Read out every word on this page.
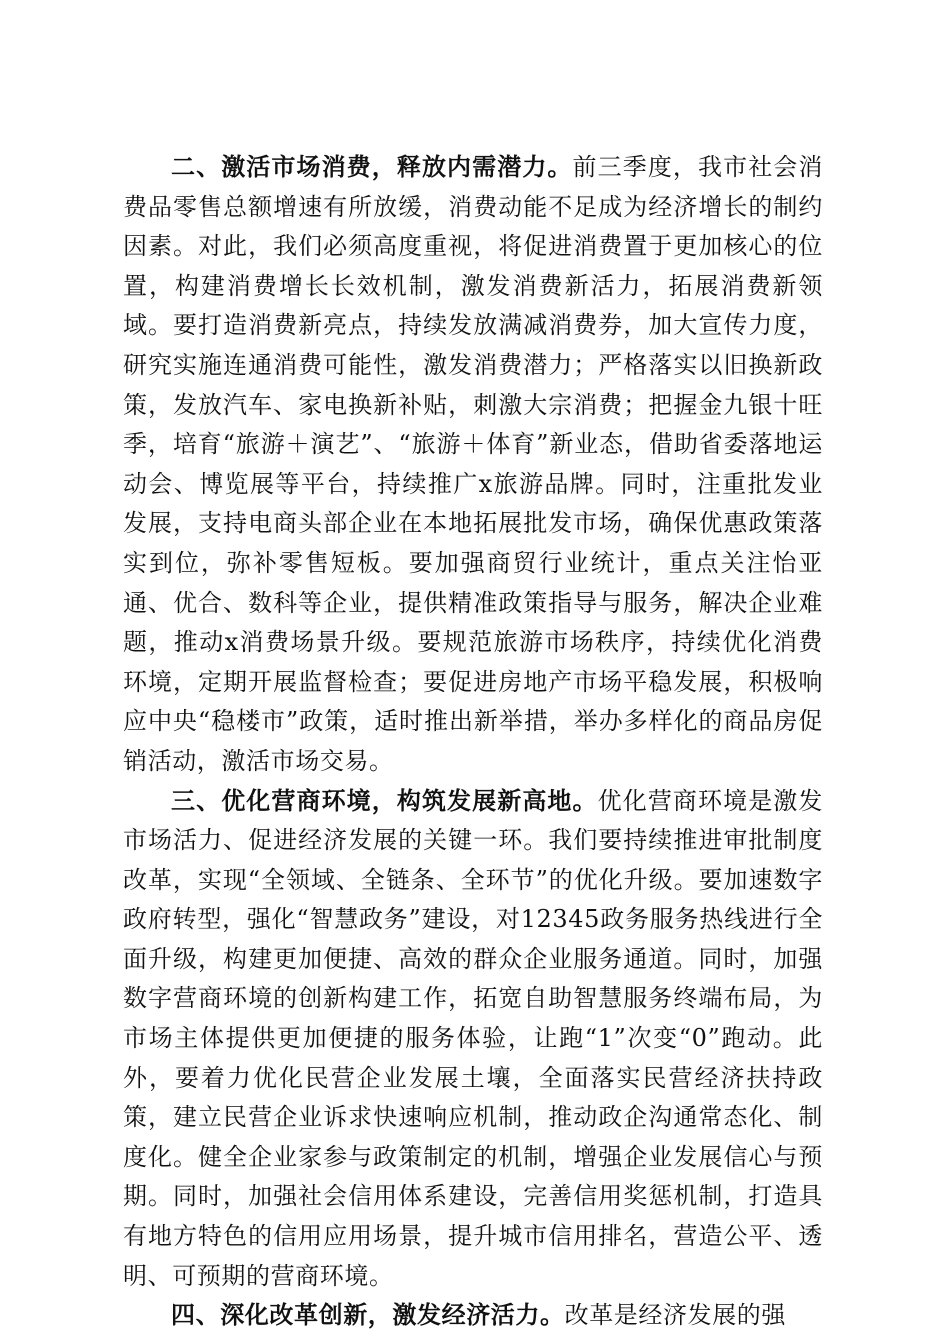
二、激活市场消费，释放内需潜力。前三季度，我市社会消费品零售总额增速有所放缓，消费动能不足成为经济增长的制约因素。对此，我们必须高度重视，将促进消费置于更加核心的位置，构建消费增长长效机制，激发消费新活力，拓展消费新领域。要打造消费新亮点，持续发放满减消费券，加大宣传力度，研究实施连通消费可能性，激发消费潜力；严格落实以旧换新政策，发放汽车、家电换新补贴，刺激大宗消费；把握金九银十旺季，培育“旅游＋演艺”、“旅游＋体育”新业态，借助省委落地运动会、博览展等平台，持续推广x旅游品牌。同时，注重批发业发展，支持电商头部企业在本地拓展批发市场，确保优惠政策落实到位，弥补零售短板。要加强商贸行业统计，重点关注怡亚通、优合、数科等企业，提供精准政策指导与服务，解决企业难题，推动x消费场景升级。要规范旅游市场秩序，持续优化消费环境，定期开展监督检查；要促进房地产市场平稳发展，积极响应中央“稳楼市”政策，适时推出新举措，举办多样化的商品房促销活动，激活市场交易。

三、优化营商环境，构筑发展新高地。优化营商环境是激发市场活力、促进经济发展的关键一环。我们要持续推进审批制度改革，实现“全领域、全链条、全环节”的优化升级。要加速数字政府转型，强化“智慧政务”建设，对12345政务服务热线进行全面升级，构建更加便捷、高效的群众企业服务通道。同时，加强数字营商环境的创新构建工作，拓宽自助智慧服务终端布局，为市场主体提供更加便捷的服务体验，让跑“1”次变“0”跑动。此外，要着力优化民营企业发展土壤，全面落实民营经济扶持政策，建立民营企业诉求快速响应机制，推动政企沟通常态化、制度化。健全企业家参与政策制定的机制，增强企业发展信心与预期。同时，加强社会信用体系建设，完善信用奖惩机制，打造具有地方特色的信用应用场景，提升城市信用排名，营造公平、透明、可预期的营商环境。

四、深化改革创新，激发经济活力。改革是经济发展的强
